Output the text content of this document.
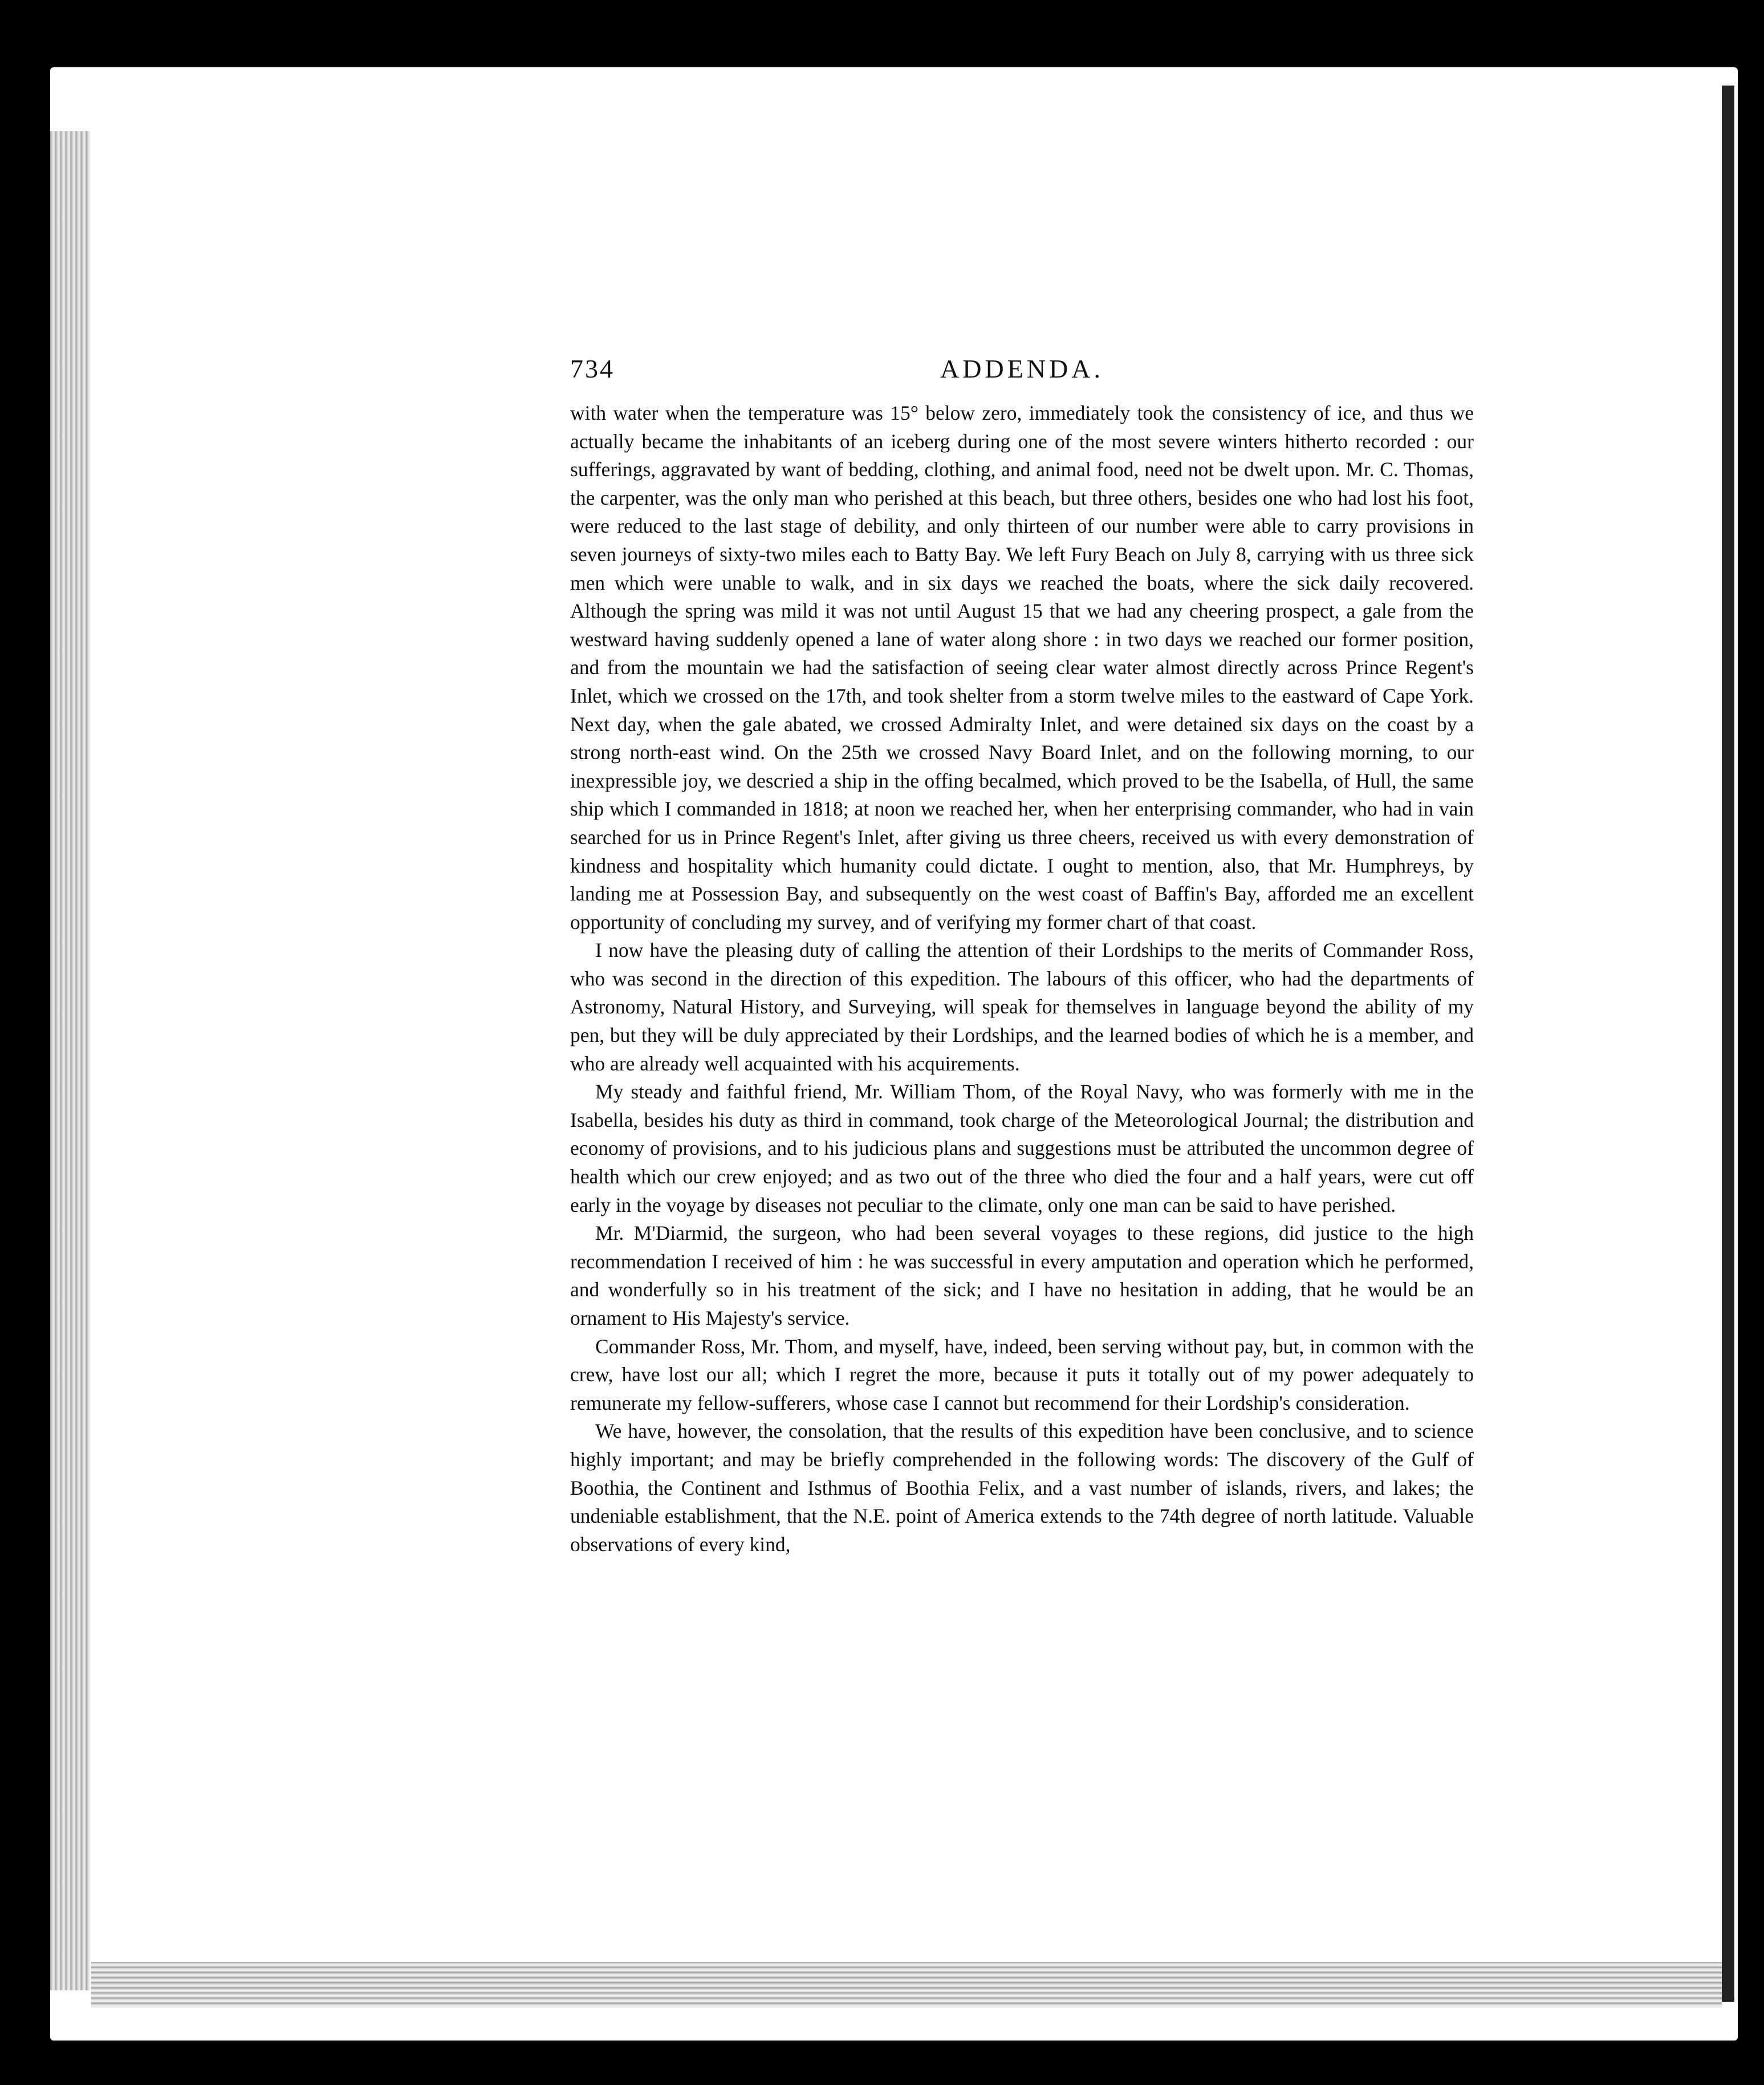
734	ADDENDA.

with water when the temperature was 15° below zero, immediately took the consistency of ice, and thus we actually became the inhabitants of an iceberg during one of the most severe winters hitherto recorded : our sufferings, aggravated by want of bedding, clothing, and animal food, need not be dwelt upon. Mr. C. Thomas, the carpenter, was the only man who perished at this beach, but three others, besides one who had lost his foot, were reduced to the last stage of debility, and only thirteen of our number were able to carry provisions in seven journeys of sixty-two miles each to Batty Bay. We left Fury Beach on July 8, carrying with us three sick men which were unable to walk, and in six days we reached the boats, where the sick daily recovered. Although the spring was mild it was not until August 15 that we had any cheering prospect, a gale from the westward having suddenly opened a lane of water along shore : in two days we reached our former position, and from the mountain we had the satisfaction of seeing clear water almost directly across Prince Regent's Inlet, which we crossed on the 17th, and took shelter from a storm twelve miles to the eastward of Cape York. Next day, when the gale abated, we crossed Admiralty Inlet, and were detained six days on the coast by a strong north-east wind. On the 25th we crossed Navy Board Inlet, and on the following morning, to our inexpressible joy, we descried a ship in the offing becalmed, which proved to be the Isabella, of Hull, the same ship which I commanded in 1818; at noon we reached her, when her enterprising commander, who had in vain searched for us in Prince Regent's Inlet, after giving us three cheers, received us with every demonstration of kindness and hospitality which humanity could dictate. I ought to mention, also, that Mr. Humphreys, by landing me at Possession Bay, and subsequently on the west coast of Baffin's Bay, afforded me an excellent opportunity of concluding my survey, and of verifying my former chart of that coast.

I now have the pleasing duty of calling the attention of their Lordships to the merits of Commander Ross, who was second in the direction of this expedition. The labours of this officer, who had the departments of Astronomy, Natural History, and Surveying, will speak for themselves in language beyond the ability of my pen, but they will be duly appreciated by their Lordships, and the learned bodies of which he is a member, and who are already well acquainted with his acquirements.

My steady and faithful friend, Mr. William Thom, of the Royal Navy, who was formerly with me in the Isabella, besides his duty as third in command, took charge of the Meteorological Journal; the distribution and economy of provisions, and to his judicious plans and suggestions must be attributed the uncommon degree of health which our crew enjoyed; and as two out of the three who died the four and a half years, were cut off early in the voyage by diseases not peculiar to the climate, only one man can be said to have perished.

Mr. M'Diarmid, the surgeon, who had been several voyages to these regions, did justice to the high recommendation I received of him : he was successful in every amputation and operation which he performed, and wonderfully so in his treatment of the sick; and I have no hesitation in adding, that he would be an ornament to His Majesty's service.

Commander Ross, Mr. Thom, and myself, have, indeed, been serving without pay, but, in common with the crew, have lost our all; which I regret the more, because it puts it totally out of my power adequately to remunerate my fellow-sufferers, whose case I cannot but recommend for their Lordship's consideration.

We have, however, the consolation, that the results of this expedition have been conclusive, and to science highly important; and may be briefly comprehended in the following words: The discovery of the Gulf of Boothia, the Continent and Isthmus of Boothia Felix, and a vast number of islands, rivers, and lakes; the undeniable establishment, that the N.E. point of America extends to the 74th degree of north latitude. Valuable observations of every kind,
